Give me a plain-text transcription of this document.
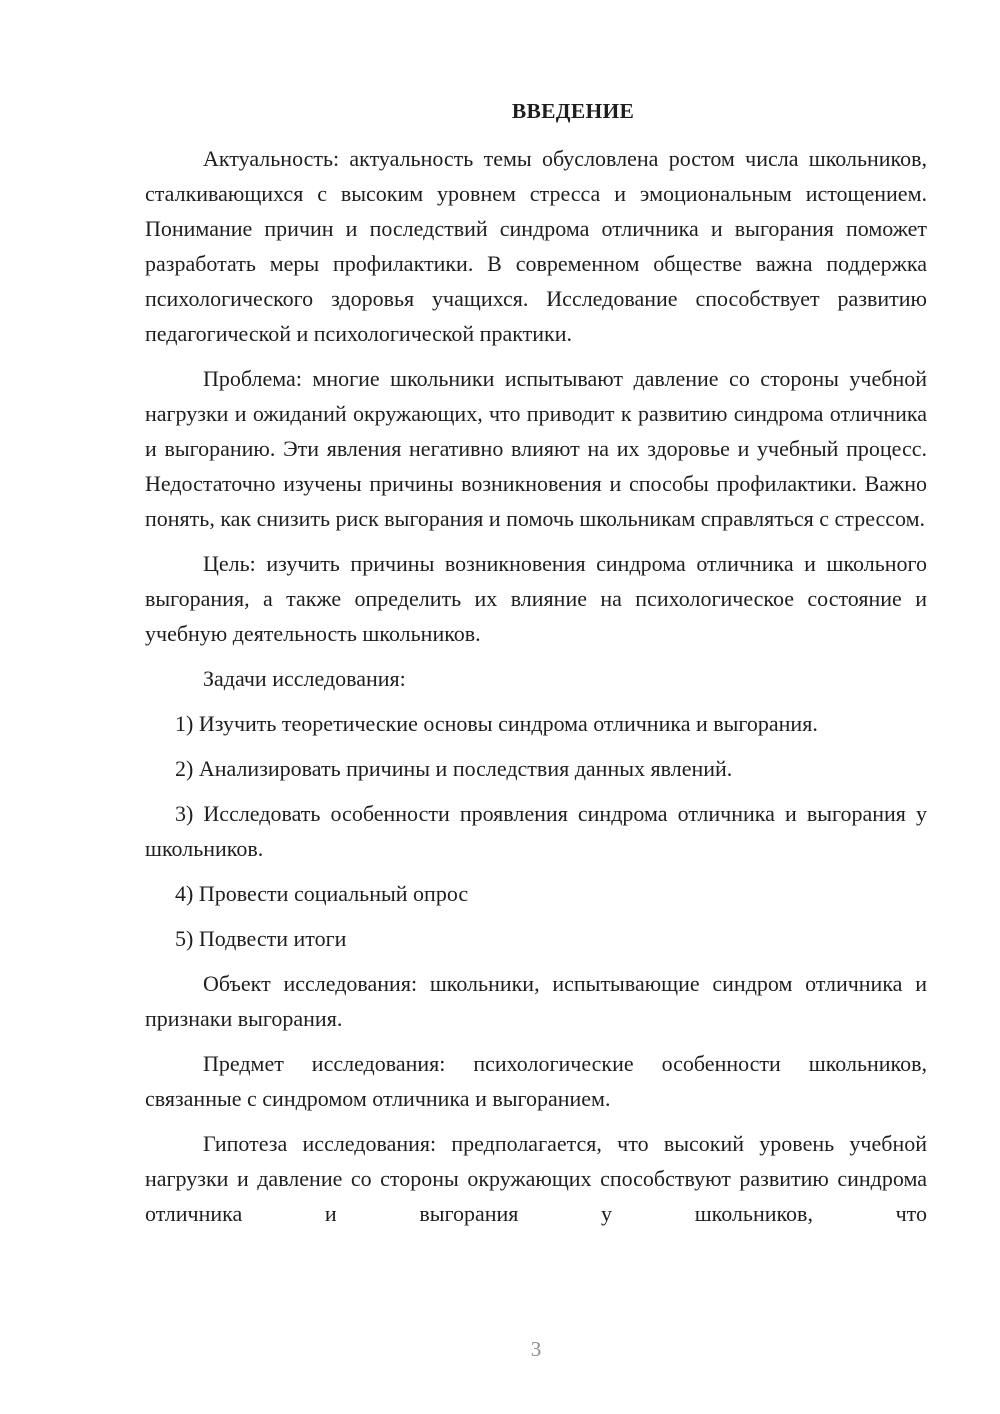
ВВЕДЕНИЕ

Актуальность: актуальность темы обусловлена ростом числа школьников, сталкивающихся с высоким уровнем стресса и эмоциональным истощением. Понимание причин и последствий синдрома отличника и выгорания поможет разработать меры профилактики. В современном обществе важна поддержка психологического здоровья учащихся. Исследование способствует развитию педагогической и психологической практики.

Проблема: многие школьники испытывают давление со стороны учебной нагрузки и ожиданий окружающих, что приводит к развитию синдрома отличника и выгоранию. Эти явления негативно влияют на их здоровье и учебный процесс. Недостаточно изучены причины возникновения и способы профилактики. Важно понять, как снизить риск выгорания и помочь школьникам справляться с стрессом.

Цель: изучить причины возникновения синдрома отличника и школьного выгорания, а также определить их влияние на психологическое состояние и учебную деятельность школьников.

Задачи исследования:

1) Изучить теоретические основы синдрома отличника и выгорания.

2) Анализировать причины и последствия данных явлений.

3) Исследовать особенности проявления синдрома отличника и выгорания у школьников.

4) Провести социальный опрос

5) Подвести итоги

Объект исследования: школьники, испытывающие синдром отличника и признаки выгорания.

Предмет исследования: психологические особенности школьников, связанные с синдромом отличника и выгоранием.

Гипотеза исследования: предполагается, что высокий уровень учебной нагрузки и давление со стороны окружающих способствуют развитию синдрома отличника и выгорания у школьников, что

3
